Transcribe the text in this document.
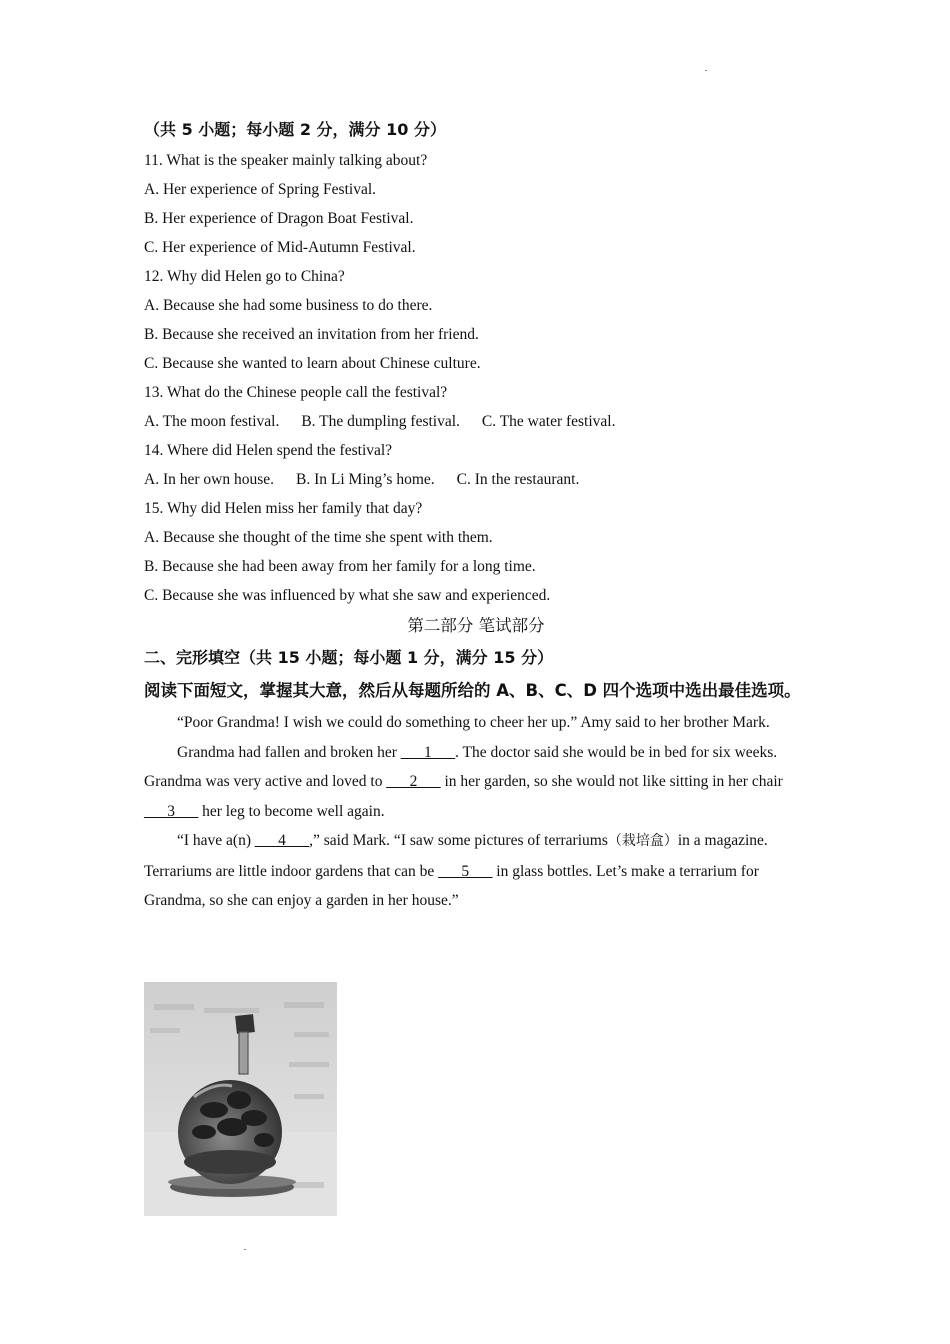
（共 5 小题；每小题 2 分，满分 10 分）
11. What is the speaker mainly talking about?
A. Her experience of Spring Festival.
B. Her experience of Dragon Boat Festival.
C. Her experience of Mid-Autumn Festival.
12. Why did Helen go to China?
A. Because she had some business to do there.
B. Because she received an invitation from her friend.
C. Because she wanted to learn about Chinese culture.
13. What do the Chinese people call the festival?
A. The moon festival. B. The dumpling festival. C. The water festival.
14. Where did Helen spend the festival?
A. In her own house. B. In Li Ming’s home. C. In the restaurant.
15. Why did Helen miss her family that day?
A. Because she thought of the time she spent with them.
B. Because she had been away from her family for a long time.
C. Because she was influenced by what she saw and experienced.
第二部分 笔试部分
二、完形填空（共 15 小题；每小题 1 分，满分 15 分）

阅读下面短文，掌握其大意，然后从每题所给的 A、B、C、D 四个选项中选出最佳选项。

“Poor Grandma! I wish we could do something to cheer her up.” Amy said to her brother Mark.

Grandma had fallen and broken her ___1___. The doctor said she would be in bed for six weeks. Grandma was very active and loved to ___2___ in her garden, so she would not like sitting in her chair ___3___ her leg to become well again.

“I have a(n) ___4___,” said Mark. “I saw some pictures of terrariums（栽培盒）in a magazine. Terrariums are little indoor gardens that can be ___5___ in glass bottles. Let’s make a terrarium for Grandma, so she can enjoy a garden in her house.”
